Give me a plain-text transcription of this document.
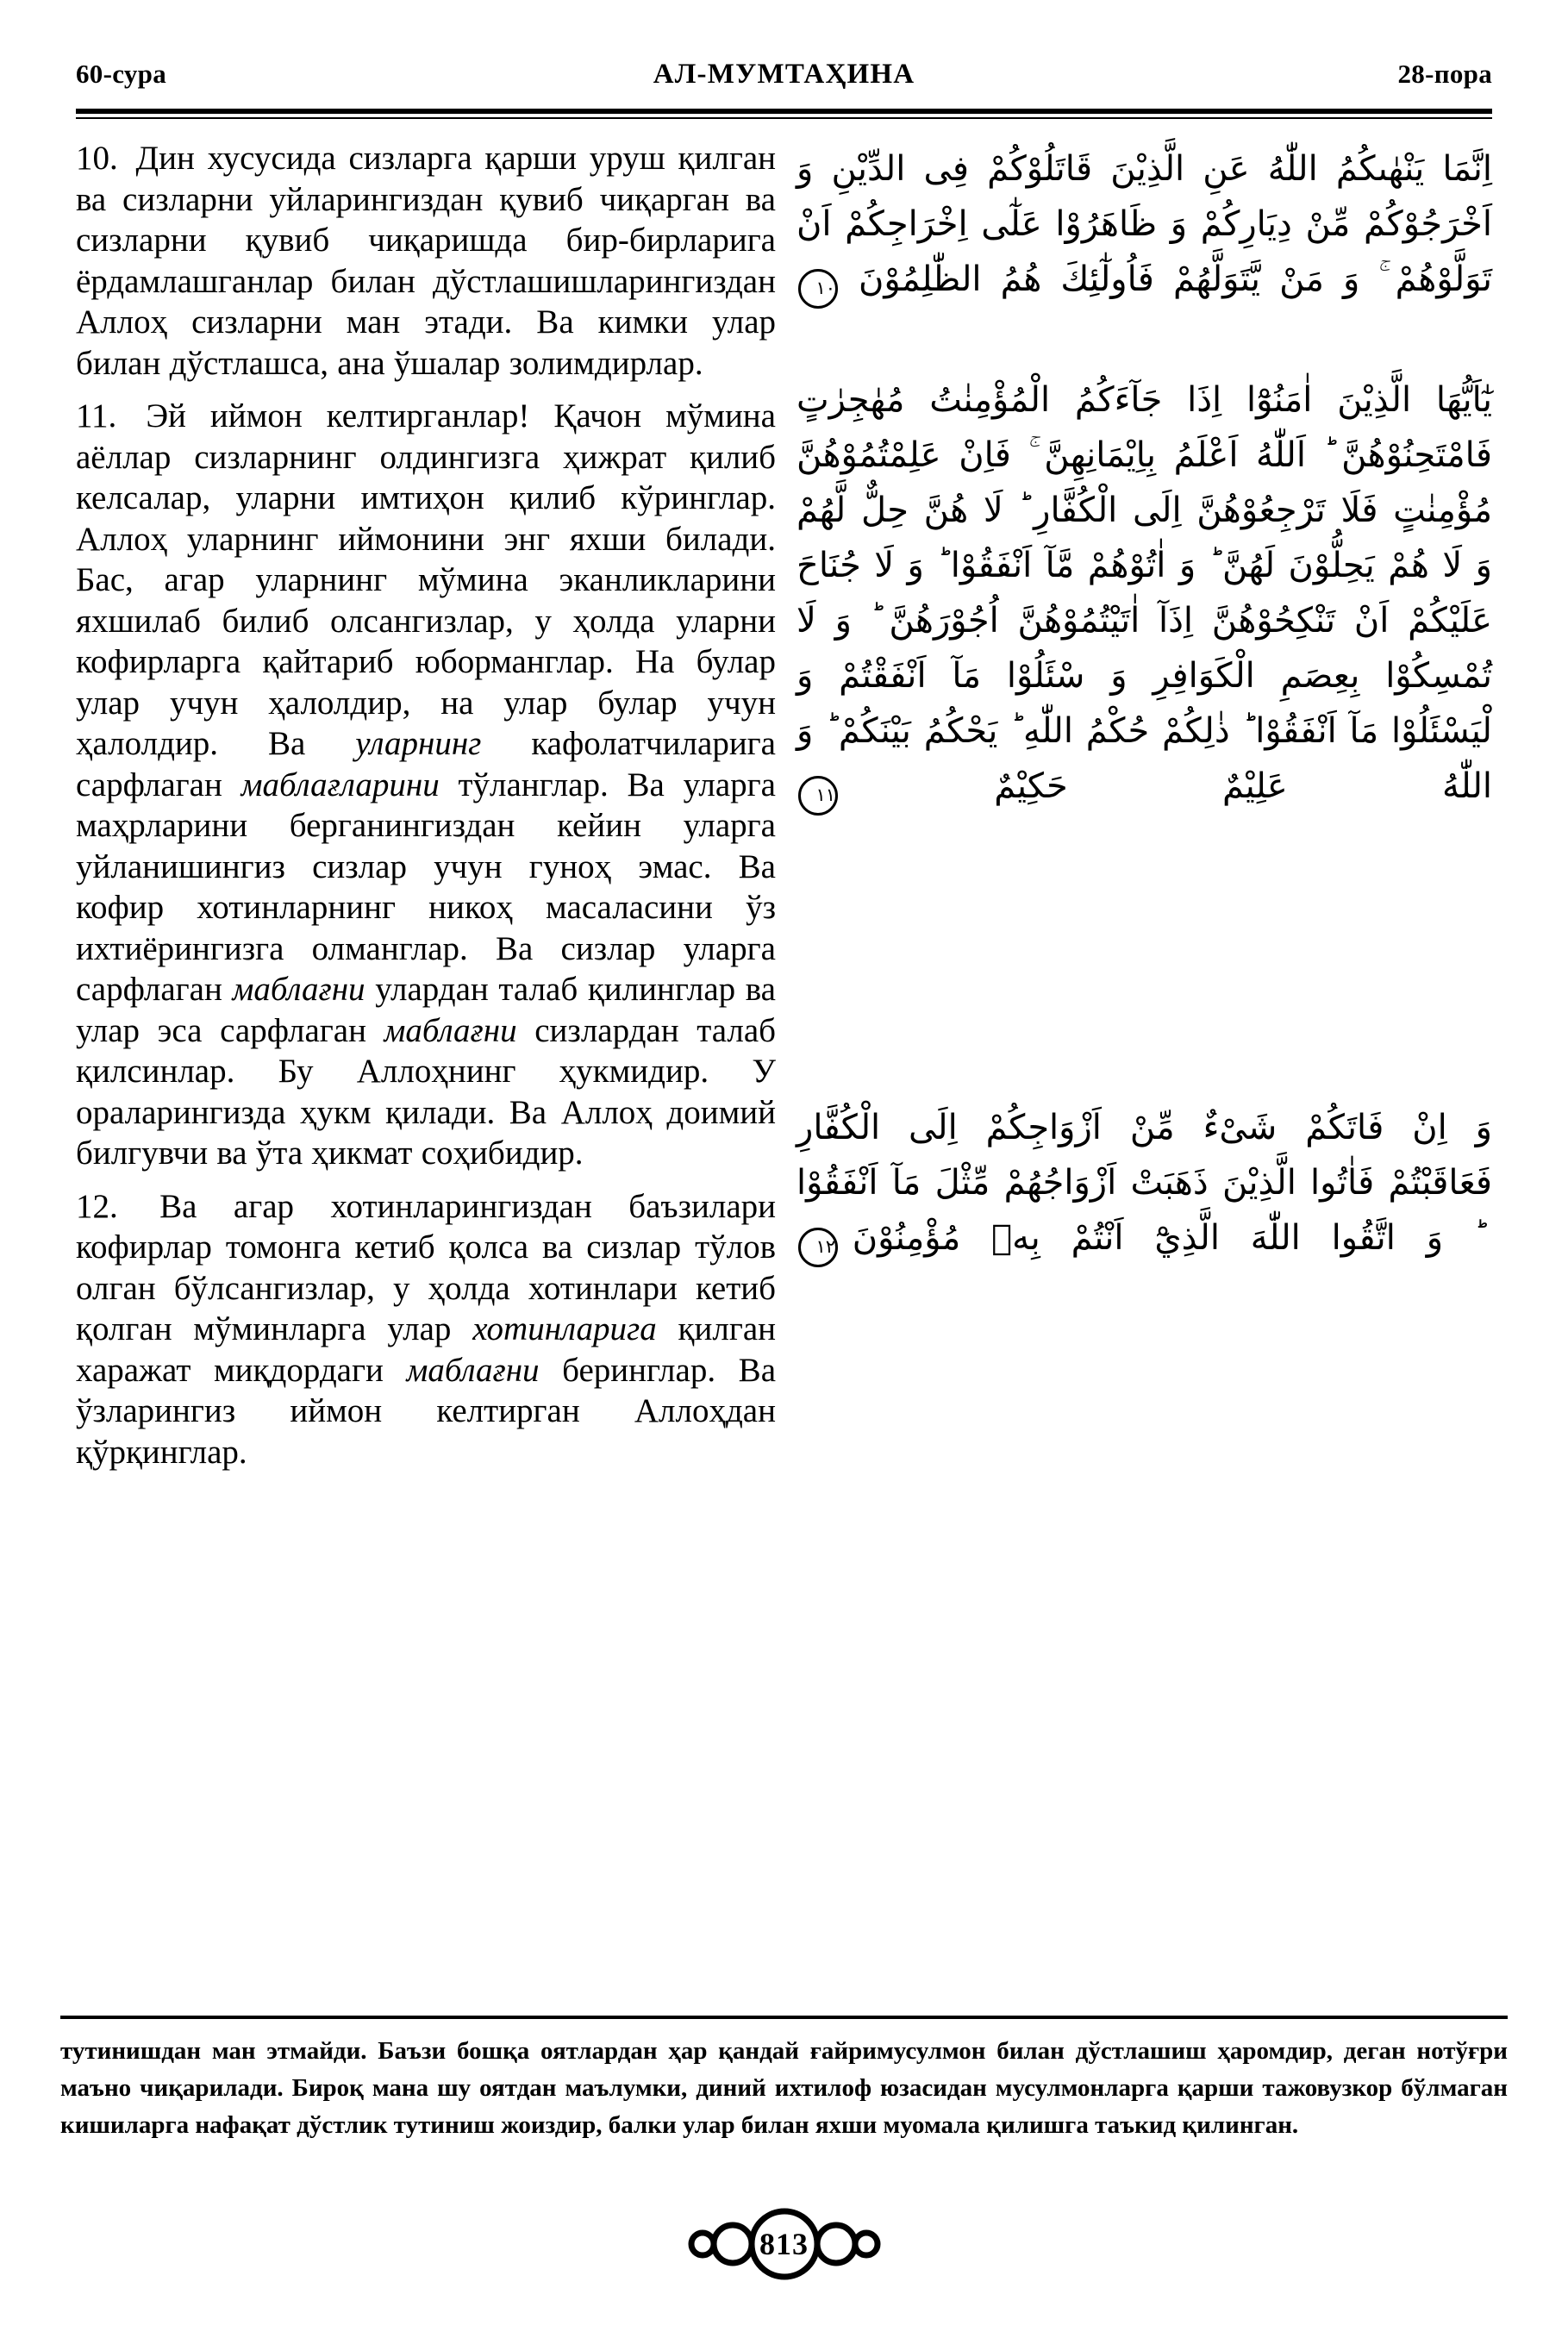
60-сура	АЛ-МУМТАҲИНА	28-пора

10. Дин хусусида сизларга қарши уруш қилган ва сизларни уйларингиздан қувиб чиқарган ва сизларни қувиб чиқаришда бир-бирларига ёрдамлашганлар билан дўстлашишларингиздан Аллоҳ сизларни ман этади. Ва кимки улар билан дўстлашса, ана ўшалар золимдирлар.

11. Эй иймон келтирганлар! Қачон мўмина аёллар сизларнинг олдингизга ҳижрат қилиб келсалар, уларни имтиҳон қилиб кўринглар. Аллоҳ уларнинг иймонини энг яхши билади. Бас, агар уларнинг мўмина эканликларини яхшилаб билиб олсангизлар, у ҳолда уларни кофирларга қайтариб юборманглар. На булар улар учун ҳалолдир, на улар булар учун ҳалолдир. Ва уларнинг кафолатчиларига сарфлаган маблағларини тўланглар. Ва уларга маҳрларини берганингиздан кейин уларга уйланишингиз сизлар учун гуноҳ эмас. Ва кофир хотинларнинг никоҳ масаласини ўз ихтиёрингизга олманглар. Ва сизлар уларга сарфлаган маблағни улардан талаб қилинглар ва улар эса сарфлаган маблағни сизлардан талаб қилсинлар. Бу Аллоҳнинг ҳукмидир. У ораларингизда ҳукм қилади. Ва Аллоҳ доимий билгувчи ва ўта ҳикмат соҳибидир.

12. Ва агар хотинларингиздан баъзилари кофирлар томонга кетиб қолса ва сизлар тўлов олган бўлсангизлар, у ҳолда хотинлари кетиб қолган мўминларга улар хотинларига қилган харажат миқдордаги маблағни беринглар. Ва ўзларингиз иймон келтирган Аллоҳдан қўрқинглар.

اِنَّمَا يَنْهٰىكُمُ اللّٰهُ عَنِ الَّذِيْنَ قَاتَلُوْكُمْ فِى الدِّيْنِ وَ اَخْرَجُوْكُمْ مِّنْ دِيَارِكُمْ وَ ظَاهَرُوْا عَلٰٓى اِخْرَاجِكُمْ اَنْ تَوَلَّوْهُمْ ۚ وَ مَنْ يَّتَوَلَّهُمْ فَاُولٰٓئِكَ هُمُ الظّٰلِمُوْنَ ١٠
يٰٓاَيُّهَا الَّذِيْنَ اٰمَنُوْٓا اِذَا جَآءَكُمُ الْمُؤْمِنٰتُ مُهٰجِرٰتٍ فَامْتَحِنُوْهُنَّ ؕ اَللّٰهُ اَعْلَمُ بِاِيْمَانِهِنَّ ۚ فَاِنْ عَلِمْتُمُوْهُنَّ مُؤْمِنٰتٍ فَلَا تَرْجِعُوْهُنَّ اِلَى الْكُفَّارِ ؕ لَا هُنَّ حِلٌّ لَّهُمْ وَ لَا هُمْ يَحِلُّوْنَ لَهُنَّ ؕ وَ اٰتُوْهُمْ مَّآ اَنْفَقُوْا ؕ وَ لَا جُنَاحَ عَلَيْكُمْ اَنْ تَنْكِحُوْهُنَّ اِذَآ اٰتَيْتُمُوْهُنَّ اُجُوْرَهُنَّ ؕ وَ لَا تُمْسِكُوْا بِعِصَمِ الْكَوَافِرِ وَ سْئَلُوْا مَآ اَنْفَقْتُمْ وَ لْيَسْئَلُوْا مَآ اَنْفَقُوْا ؕ ذٰلِكُمْ حُكْمُ اللّٰهِ ؕ يَحْكُمُ بَيْنَكُمْ ؕ وَ اللّٰهُ عَلِيْمٌ حَكِيْمٌ ١١
وَ اِنْ فَاتَكُمْ شَىْءٌ مِّنْ اَزْوَاجِكُمْ اِلَى الْكُفَّارِ فَعَاقَبْتُمْ فَاٰتُوا الَّذِيْنَ ذَهَبَتْ اَزْوَاجُهُمْ مِّثْلَ مَآ اَنْفَقُوْا ؕ وَ اتَّقُوا اللّٰهَ الَّذِيْٓ اَنْتُمْ بِهٖ مُؤْمِنُوْنَ ١٢
тутинишдан ман этмайди. Баъзи бошқа оятлардан ҳар қандай ғайримусулмон билан дўстлашиш ҳаромдир, деган нотўғри маъно чиқарилади. Бироқ мана шу оятдан маълумки, диний ихтилоф юзасидан мусулмонларга қарши тажовузкор бўлмаган кишиларга нафақат дўстлик тутиниш жоиздир, балки улар билан яхши муомала қилишга таъкид қилинган.
813
